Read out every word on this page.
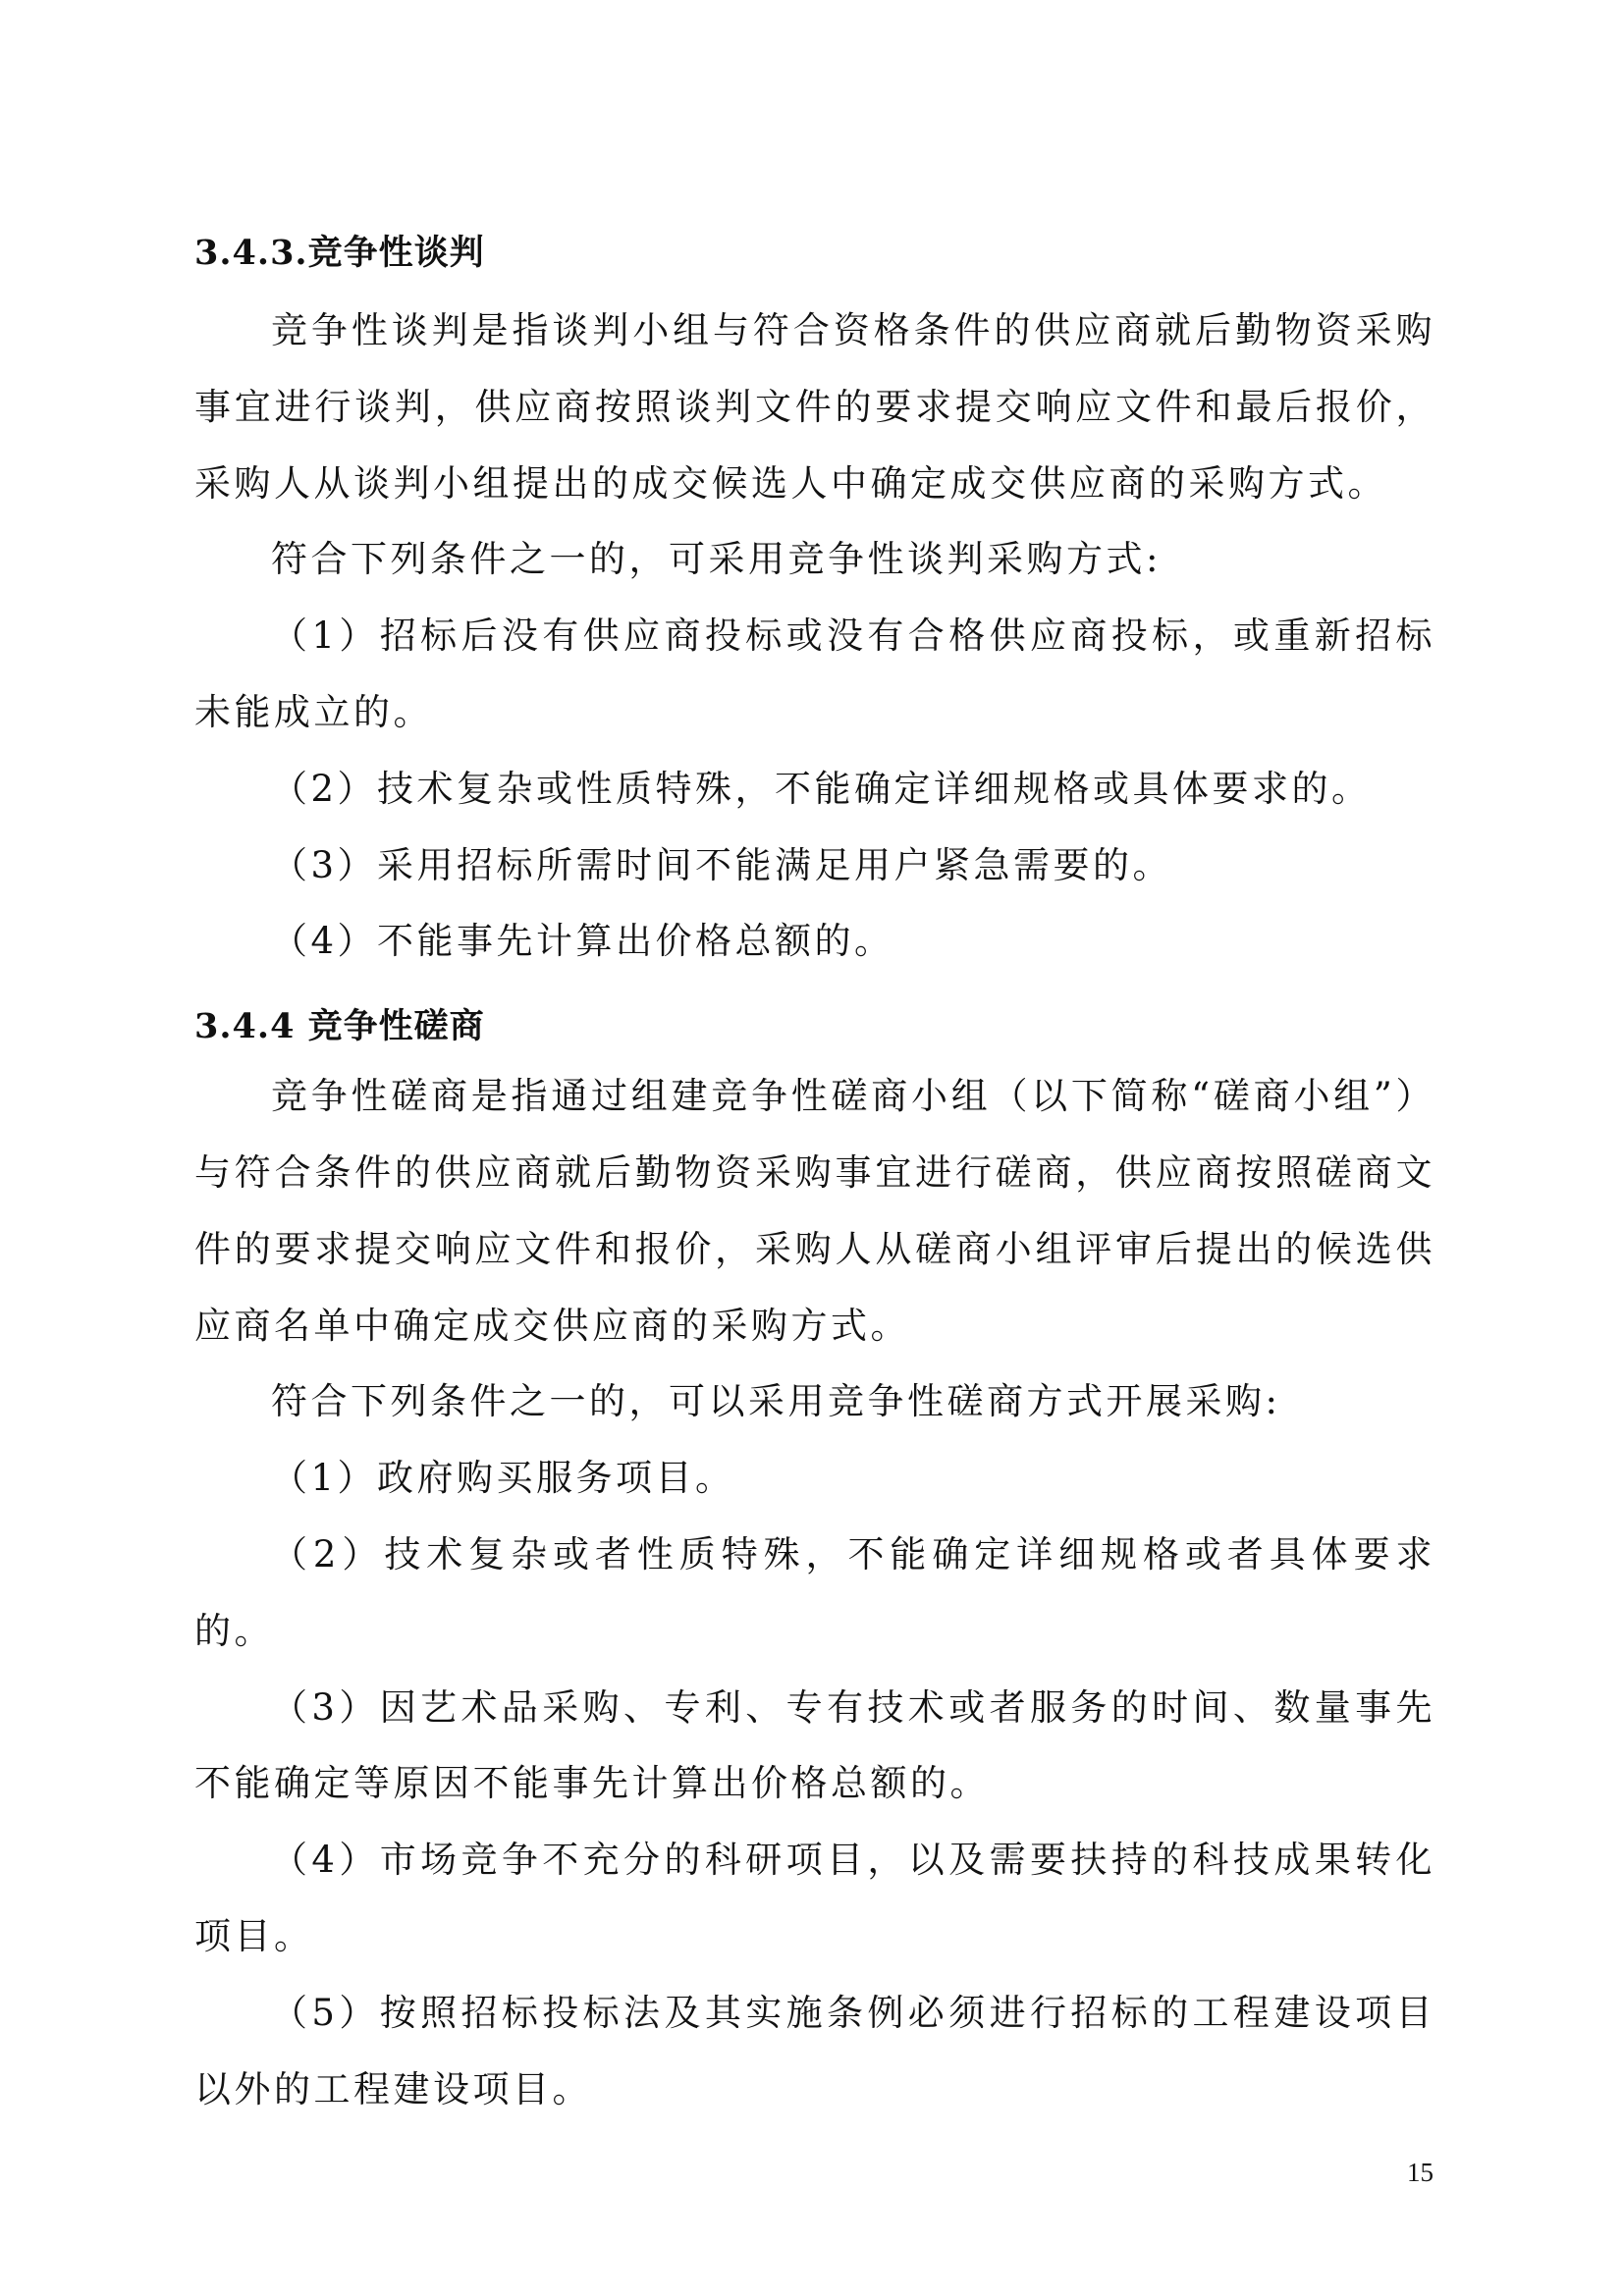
3.4.3.竞争性谈判

竞争性谈判是指谈判小组与符合资格条件的供应商就后勤物资采购事宜进行谈判，供应商按照谈判文件的要求提交响应文件和最后报价，采购人从谈判小组提出的成交候选人中确定成交供应商的采购方式。

符合下列条件之一的，可采用竞争性谈判采购方式:

（1）招标后没有供应商投标或没有合格供应商投标，或重新招标未能成立的。

（2）技术复杂或性质特殊，不能确定详细规格或具体要求的。

（3）采用招标所需时间不能满足用户紧急需要的。

（4）不能事先计算出价格总额的。

3.4.4 竞争性磋商

竞争性磋商是指通过组建竞争性磋商小组（以下简称“磋商小组”）与符合条件的供应商就后勤物资采购事宜进行磋商，供应商按照磋商文件的要求提交响应文件和报价，采购人从磋商小组评审后提出的候选供应商名单中确定成交供应商的采购方式。

符合下列条件之一的，可以采用竞争性磋商方式开展采购:

（1）政府购买服务项目。

（2）技术复杂或者性质特殊，不能确定详细规格或者具体要求的。

（3）因艺术品采购、专利、专有技术或者服务的时间、数量事先不能确定等原因不能事先计算出价格总额的。

（4）市场竞争不充分的科研项目，以及需要扶持的科技成果转化项目。

（5）按照招标投标法及其实施条例必须进行招标的工程建设项目以外的工程建设项目。

15
